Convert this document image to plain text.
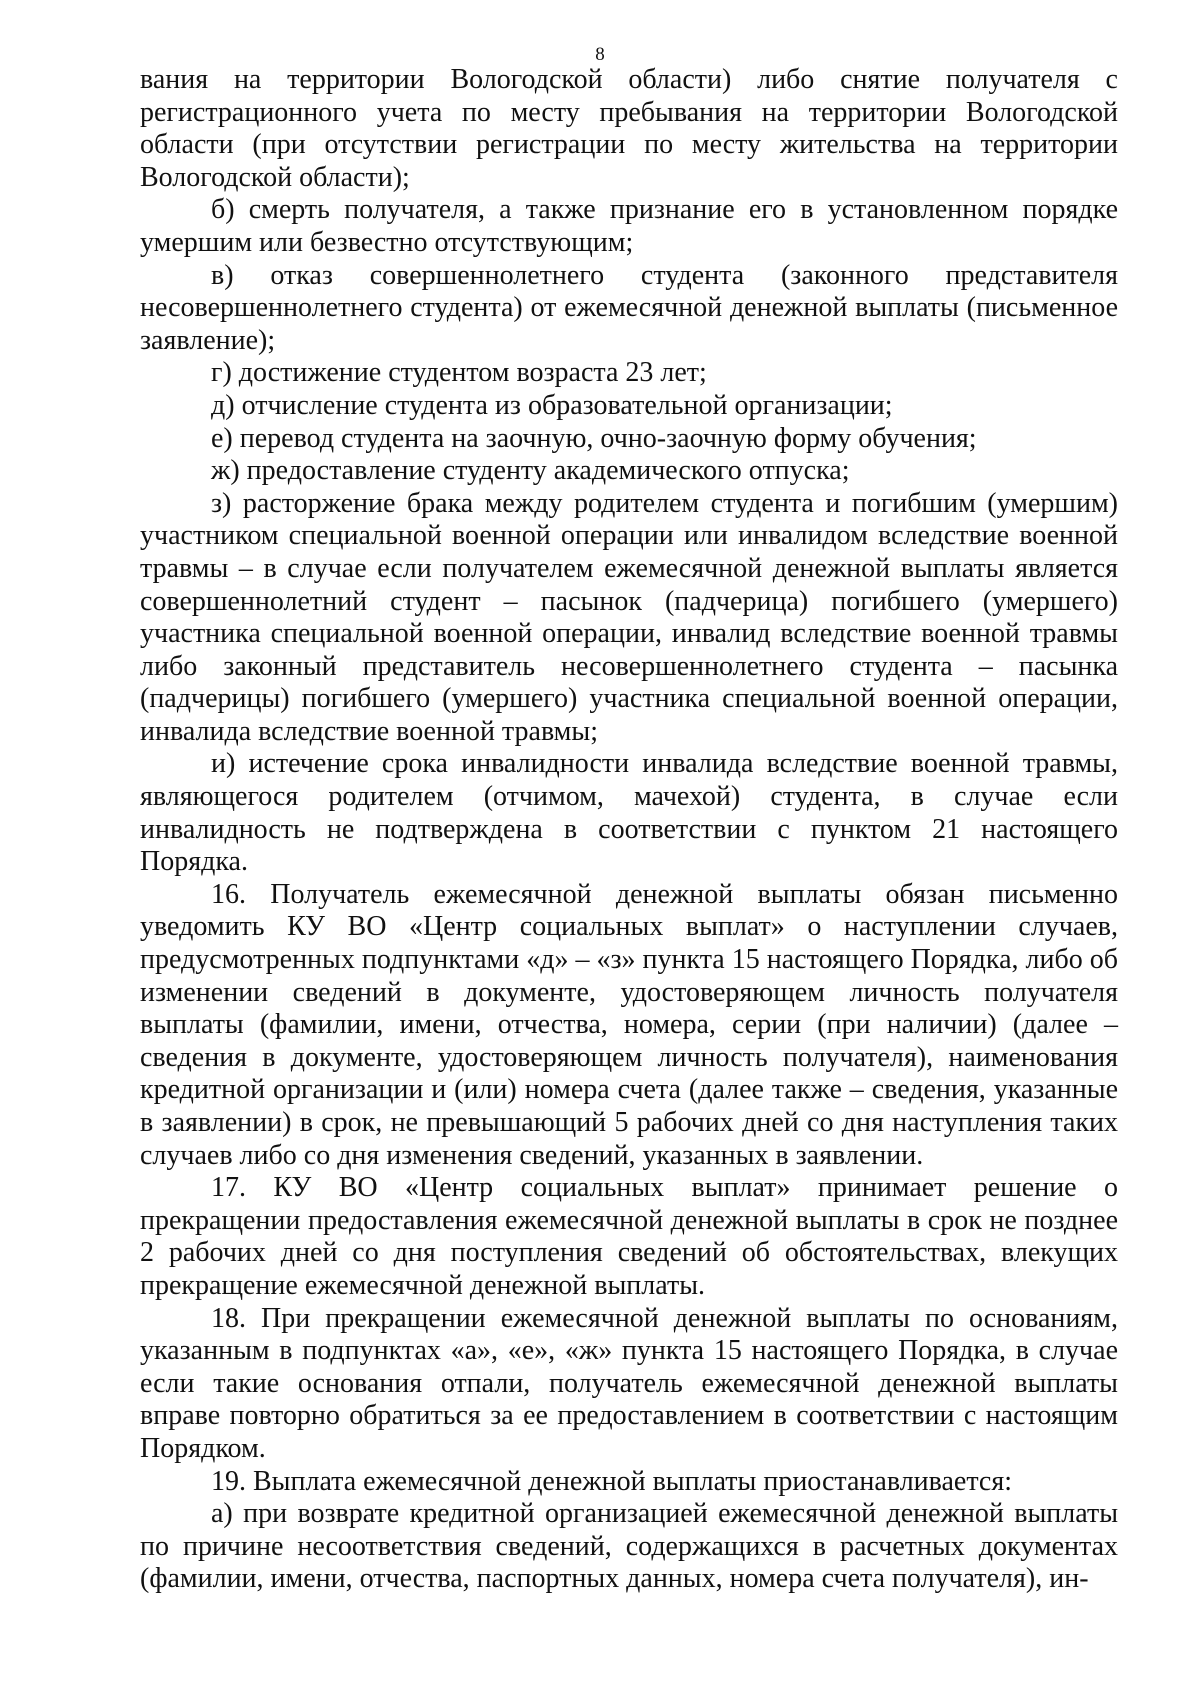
8

вания на территории Вологодской области) либо снятие получателя с регистрационного учета по месту пребывания на территории Вологодской области (при отсутствии регистрации по месту жительства на территории Вологодской области);

б) смерть получателя, а также признание его в установленном порядке умершим или безвестно отсутствующим;

в) отказ совершеннолетнего студента (законного представителя несовершеннолетнего студента) от ежемесячной денежной выплаты (письменное заявление);

г) достижение студентом возраста 23 лет;

д) отчисление студента из образовательной организации;

е) перевод студента на заочную, очно-заочную форму обучения;

ж) предоставление студенту академического отпуска;

з) расторжение брака между родителем студента и погибшим (умершим) участником специальной военной операции или инвалидом вследствие военной травмы – в случае если получателем ежемесячной денежной выплаты является совершеннолетний студент – пасынок (падчерица) погибшего (умершего) участника специальной военной операции, инвалид вследствие военной травмы либо законный представитель несовершеннолетнего студента – пасынка (падчерицы) погибшего (умершего) участника специальной военной операции, инвалида вследствие военной травмы;

и) истечение срока инвалидности инвалида вследствие военной травмы, являющегося родителем (отчимом, мачехой) студента, в случае если инвалидность не подтверждена в соответствии с пунктом 21 настоящего Порядка.

16. Получатель ежемесячной денежной выплаты обязан письменно уведомить КУ ВО «Центр социальных выплат» о наступлении случаев, предусмотренных подпунктами «д» – «з» пункта 15 настоящего Порядка, либо об изменении сведений в документе, удостоверяющем личность получателя выплаты (фамилии, имени, отчества, номера, серии (при наличии) (далее – сведения в документе, удостоверяющем личность получателя), наименования кредитной организации и (или) номера счета (далее также – сведения, указанные в заявлении) в срок, не превышающий 5 рабочих дней со дня наступления таких случаев либо со дня изменения сведений, указанных в заявлении.

17. КУ ВО «Центр социальных выплат» принимает решение о прекращении предоставления ежемесячной денежной выплаты в срок не позднее 2 рабочих дней со дня поступления сведений об обстоятельствах, влекущих прекращение ежемесячной денежной выплаты.

18. При прекращении ежемесячной денежной выплаты по основаниям, указанным в подпунктах «а», «е», «ж» пункта 15 настоящего Порядка, в случае если такие основания отпали, получатель ежемесячной денежной выплаты вправе повторно обратиться за ее предоставлением в соответствии с настоящим Порядком.

19. Выплата ежемесячной денежной выплаты приостанавливается:

а) при возврате кредитной организацией ежемесячной денежной выплаты по причине несоответствия сведений, содержащихся в расчетных документах (фамилии, имени, отчества, паспортных данных, номера счета получателя), ин-
